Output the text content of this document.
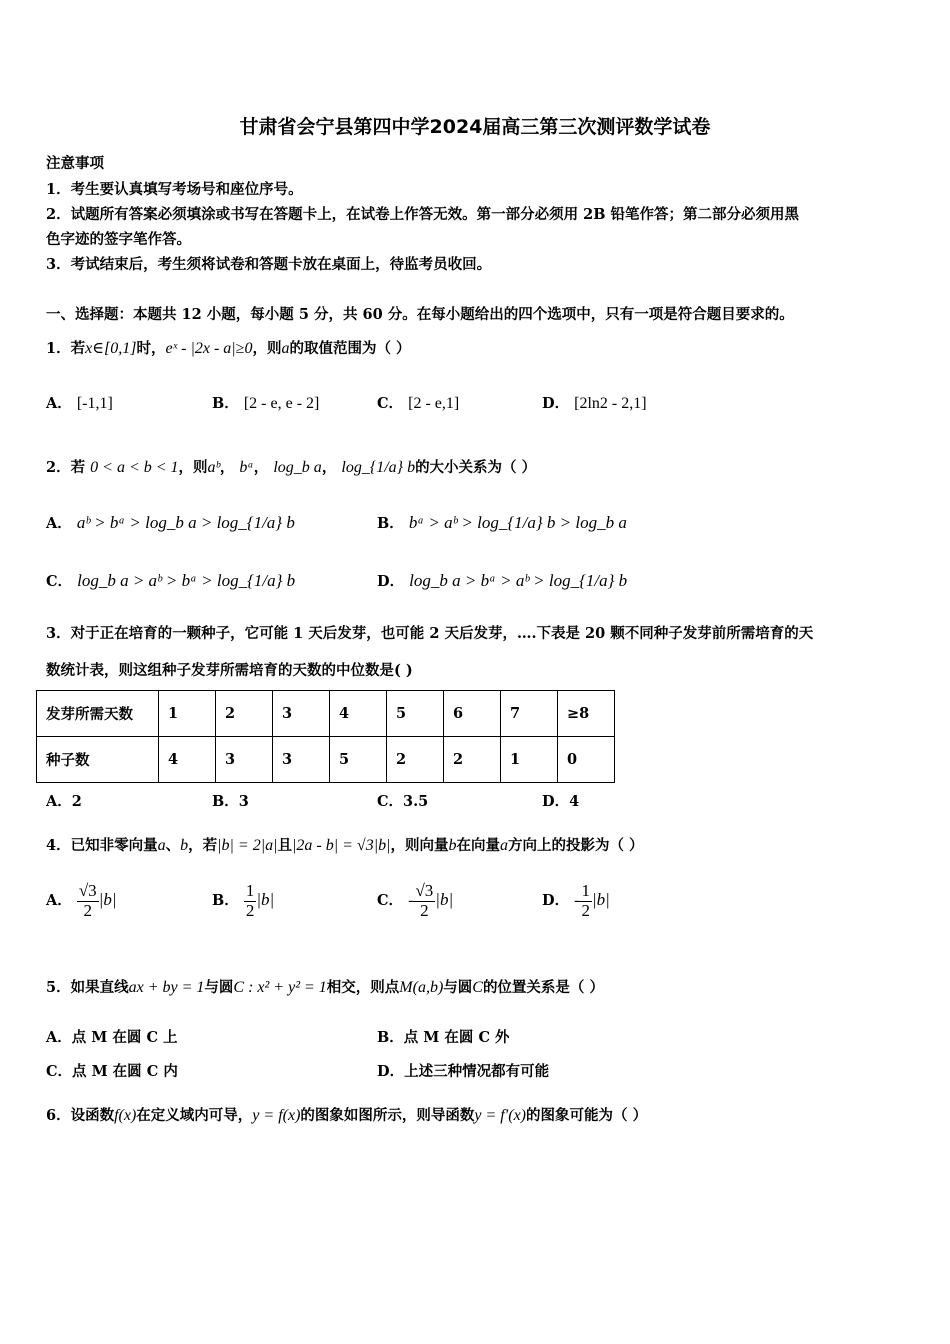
甘肃省会宁县第四中学2024届高三第三次测评数学试卷
注意事项
1．考生要认真填写考场号和座位序号。
2．试题所有答案必须填涂或书写在答题卡上，在试卷上作答无效。第一部分必须用 2B 铅笔作答；第二部分必须用黑
色字迹的签字笔作答。
3．考试结束后，考生须将试卷和答题卡放在桌面上，待监考员收回。
一、选择题：本题共 12 小题，每小题 5 分，共 60 分。在每小题给出的四个选项中，只有一项是符合题目要求的。
1．若x∈[0,1]时，eˣ - |2x - a|≥0，则a的取值范围为（ ）
A． [-1,1]	B． [2 - e, e - 2]	C． [2 - e,1]	D． [2ln2 - 2,1]
2．若 0 < a < b < 1，则aᵇ， bᵃ， log_b a， log_{1/a} b的大小关系为（ ）
A． aᵇ > bᵃ > log_b a > log_{1/a} b	B． bᵃ > aᵇ > log_{1/a} b > log_b a
C． log_b a > aᵇ > bᵃ > log_{1/a} b	D． log_b a > bᵃ > aᵇ > log_{1/a} b
3．对于正在培育的一颗种子，它可能 1 天后发芽，也可能 2 天后发芽，….下表是 20 颗不同种子发芽前所需培育的天
数统计表，则这组种子发芽所需培育的天数的中位数是( )
发芽所需天数	1	2	3	4	5	6	7	≥8
种子数	4	3	3	5	2	2	1	0
A．2	B．3	C．3.5	D．4
4．已知非零向量a、b，若|b| = 2|a|且|2a - b| = √3|b|，则向量b在向量a方向上的投影为（ ）
A． $\frac{√3}{2} |b|$	B． $\frac{1}{2} |b|$	C． - $\frac{√3}{2} |b|$	D． - $\frac{1}{2} |b|$
5．如果直线ax + by = 1与圆C : x² + y² = 1相交，则点M(a,b)与圆C的位置关系是（ ）
A．点 M 在圆 C 上	B．点 M 在圆 C 外
C．点 M 在圆 C 内	D．上述三种情况都有可能
6．设函数f(x)在定义域内可导，y = f(x)的图象如图所示，则导函数y = f′(x)的图象可能为（ ）
